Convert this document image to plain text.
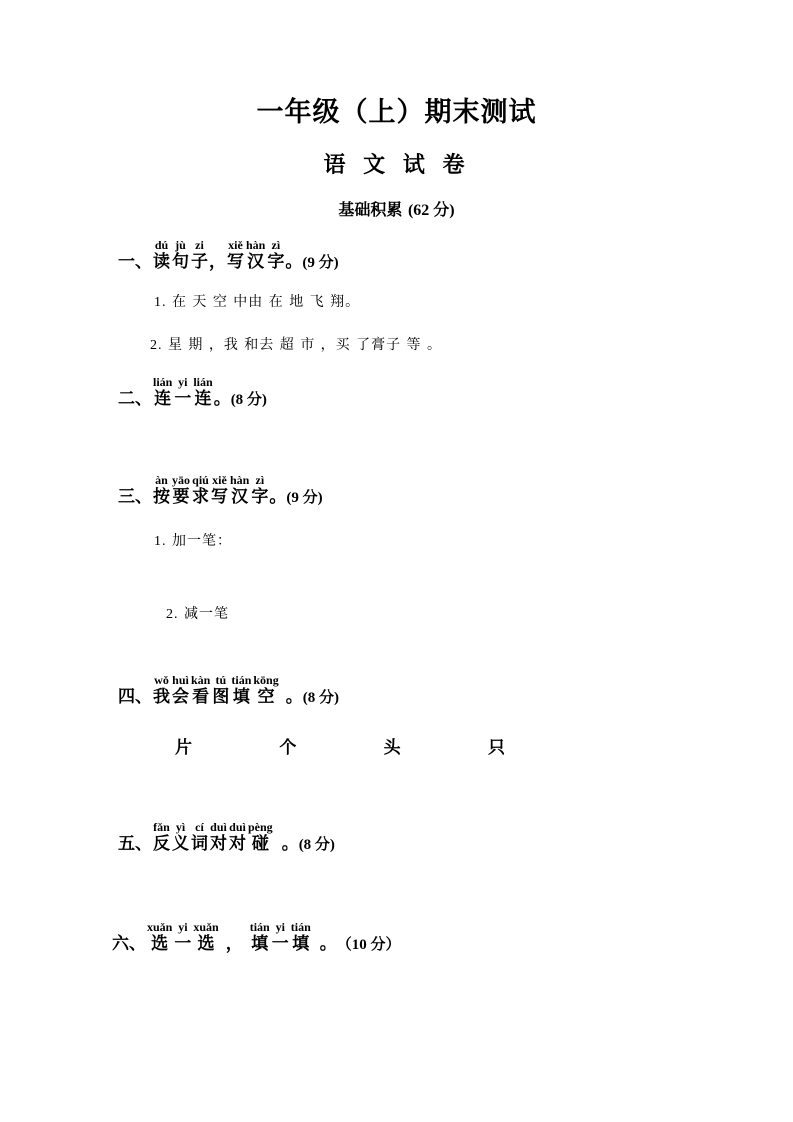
一年级（上）期末测试
语 文 试 卷
基础积累 (62 分)
一、
dú
读
jù
句
zi
子 ，
xiě
写
hàn
汉
zì
字 。 (9 分)
1. 在 天 空 中由 在 地 飞 翔。
2. 星 期 ，我 和去 超 市 ，买 了膏子 等 。
二、
lián
连
yi
一
lián
连 。 (8 分)
三、
àn
按
yāo
要
qiú
求
xiě
写
hàn
汉
zì
字 。 (9 分)
1. 加一笔：
2. 减一笔
四、
wǒ
我
huì
会
kàn
看
tú
图
tián
填
kōng
空 。 (8 分)
片	个	头	只
五、
fǎn
反
yì
义
cí
词
duì
对
duì
对
pèng
碰 。 (8 分)
六、
xuǎn
选
yi
一
xuǎn
选 ，
tián
填
yi
一
tián
填 。 （10 分）
